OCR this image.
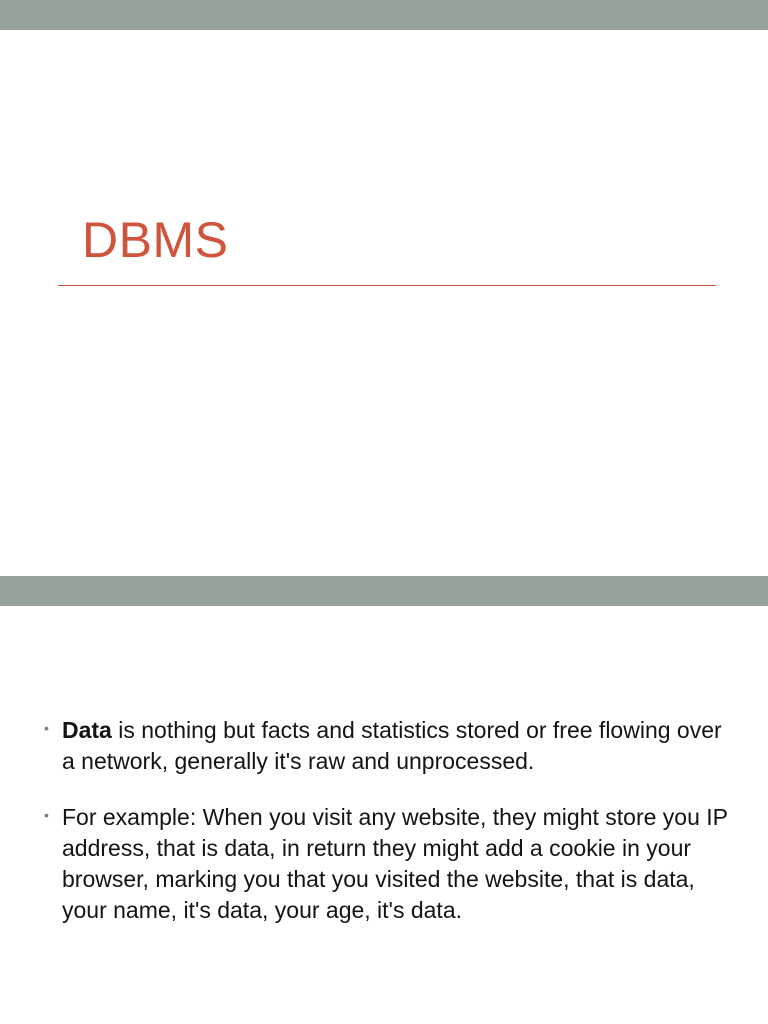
DBMS
• Data is nothing but facts and statistics stored or free flowing over a network, generally it's raw and unprocessed.
• For example: When you visit any website, they might store you IP address, that is data, in return they might add a cookie in your browser, marking you that you visited the website, that is data, your name, it's data, your age, it's data.
